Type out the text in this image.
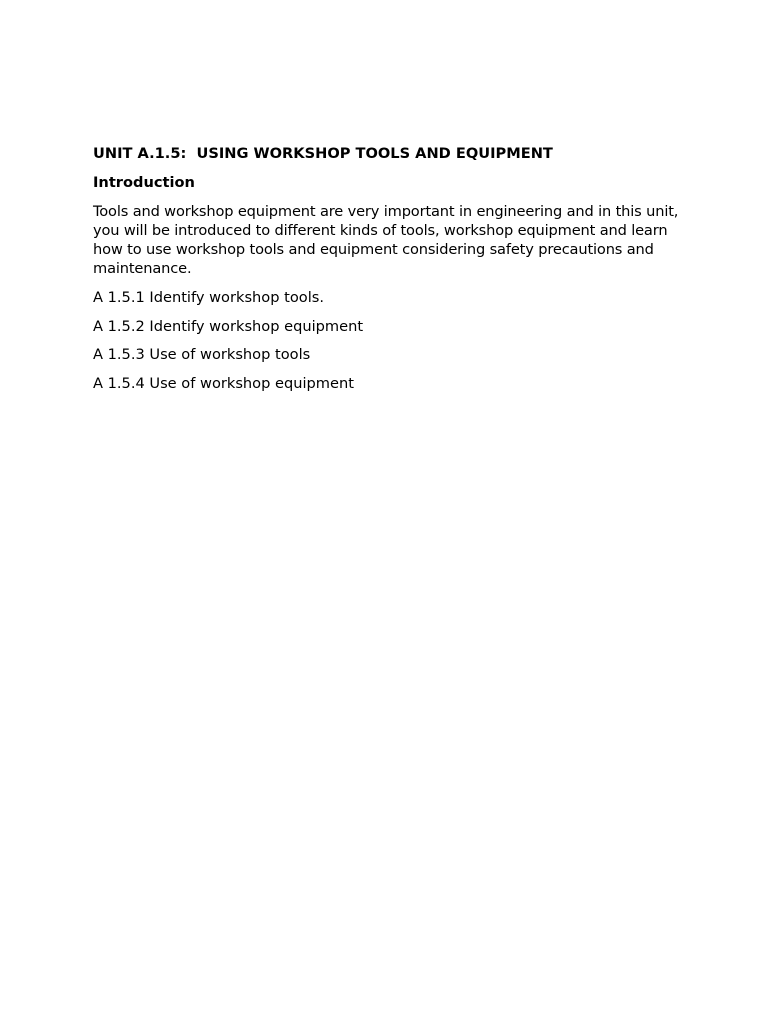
UNIT A.1.5:  USING WORKSHOP TOOLS AND EQUIPMENT
Introduction

Tools and workshop equipment are very important in engineering and in this unit, you will be introduced to different kinds of tools, workshop equipment and learn how to use workshop tools and equipment considering safety precautions and maintenance.

A 1.5.1 Identify workshop tools.
A 1.5.2 Identify workshop equipment
A 1.5.3 Use of workshop tools
A 1.5.4 Use of workshop equipment
